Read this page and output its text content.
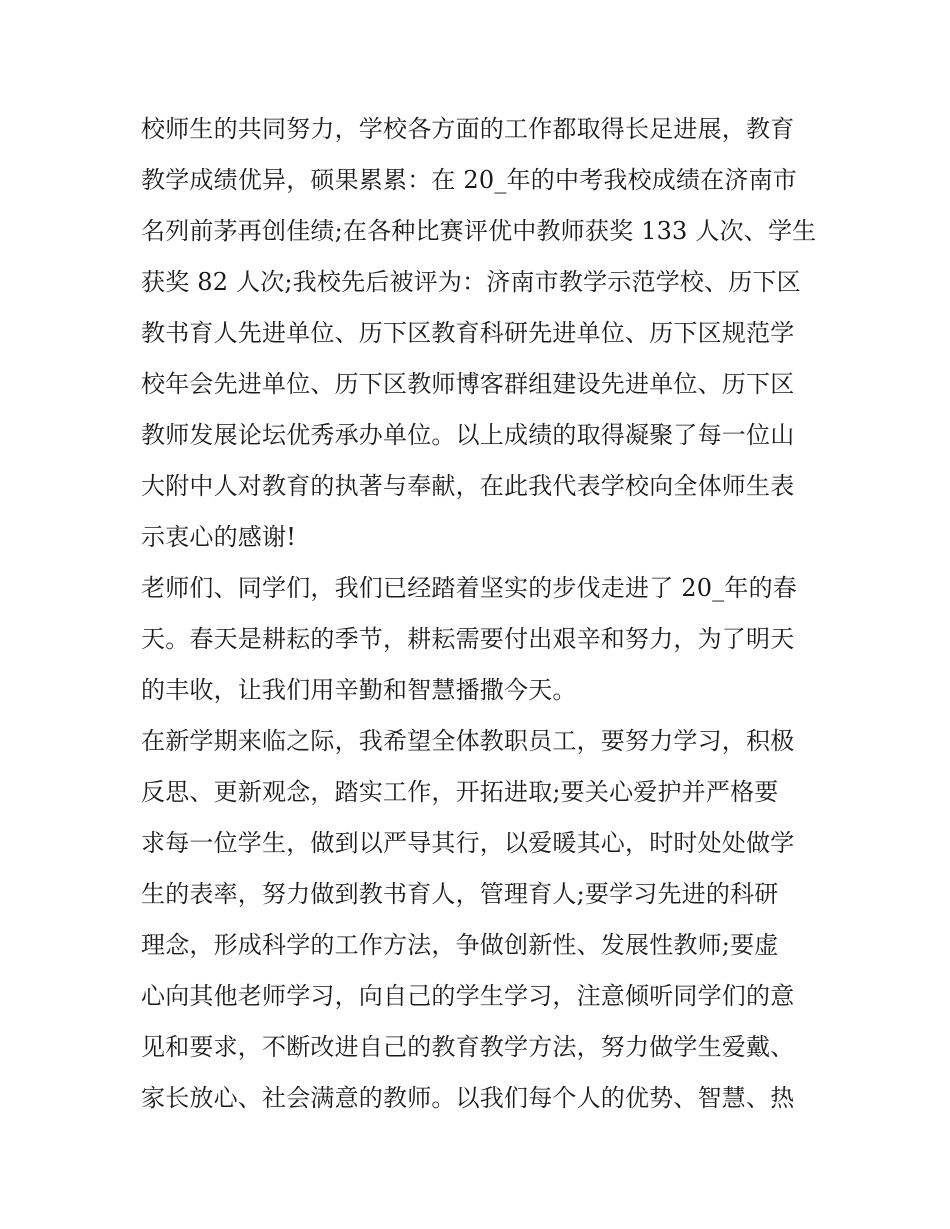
校师生的共同努力，学校各方面的工作都取得长足进展，教育
教学成绩优异，硕果累累：在 20_年的中考我校成绩在济南市
名列前茅再创佳绩;在各种比赛评优中教师获奖 133 人次、学生
获奖 82 人次;我校先后被评为：济南市教学示范学校、历下区
教书育人先进单位、历下区教育科研先进单位、历下区规范学
校年会先进单位、历下区教师博客群组建设先进单位、历下区
教师发展论坛优秀承办单位。以上成绩的取得凝聚了每一位山
大附中人对教育的执著与奉献，在此我代表学校向全体师生表
示衷心的感谢!
老师们、同学们，我们已经踏着坚实的步伐走进了 20_年的春
天。春天是耕耘的季节，耕耘需要付出艰辛和努力，为了明天
的丰收，让我们用辛勤和智慧播撒今天。
在新学期来临之际，我希望全体教职员工，要努力学习，积极
反思、更新观念，踏实工作，开拓进取;要关心爱护并严格要
求每一位学生，做到以严导其行，以爱暖其心，时时处处做学
生的表率，努力做到教书育人，管理育人;要学习先进的科研
理念，形成科学的工作方法，争做创新性、发展性教师;要虚
心向其他老师学习，向自己的学生学习，注意倾听同学们的意
见和要求，不断改进自己的教育教学方法，努力做学生爱戴、
家长放心、社会满意的教师。以我们每个人的优势、智慧、热
